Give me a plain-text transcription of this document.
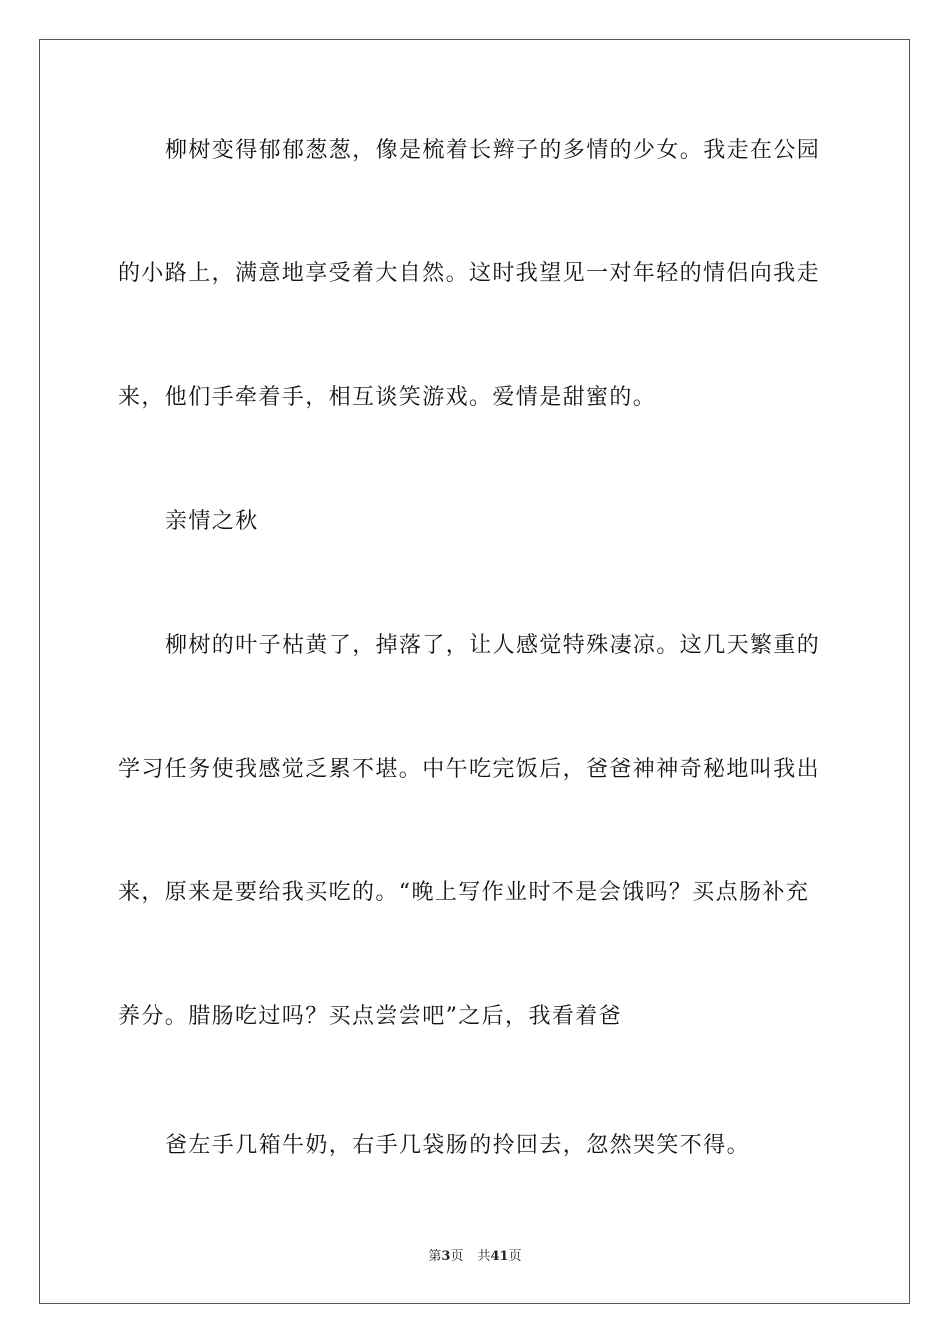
柳树变得郁郁葱葱，像是梳着长辫子的多情的少女。我走在公园
的小路上，满意地享受着大自然。这时我望见一对年轻的情侣向我走
来，他们手牵着手，相互谈笑游戏。爱情是甜蜜的。
亲情之秋
柳树的叶子枯黄了，掉落了，让人感觉特殊凄凉。这几天繁重的
学习任务使我感觉乏累不堪。中午吃完饭后，爸爸神神奇秘地叫我出
来，原来是要给我买吃的。“晚上写作业时不是会饿吗？买点肠补充
养分。腊肠吃过吗？买点尝尝吧”之后，我看着爸
爸左手几箱牛奶，右手几袋肠的拎回去，忽然哭笑不得。
第3页 共41页
